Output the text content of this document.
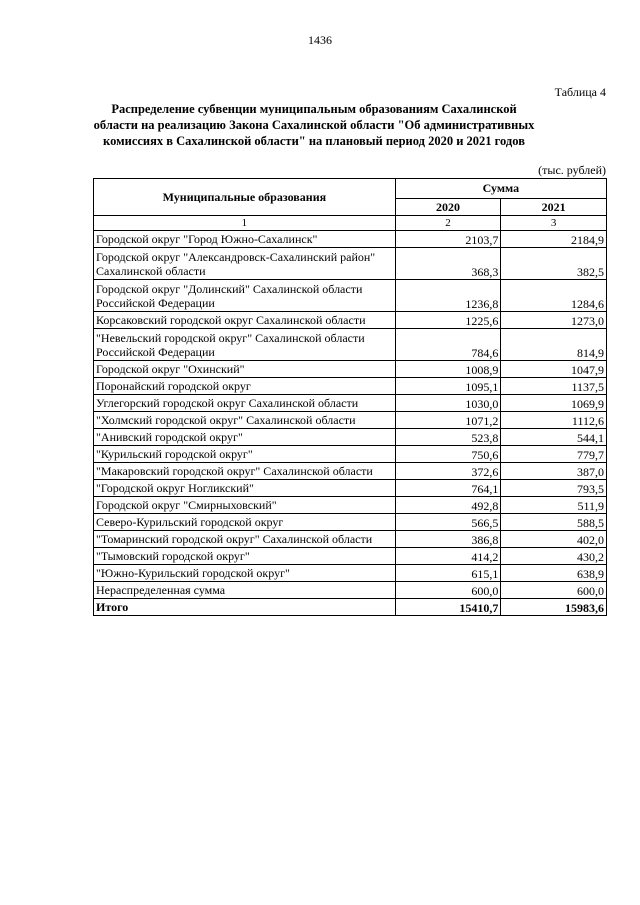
1436
Таблица 4
Распределение субвенции муниципальным образованиям Сахалинской области на реализацию Закона Сахалинской области "Об административных комиссиях в Сахалинской области" на плановый период 2020 и 2021 годов
(тыс. рублей)
Муниципальные образования	Сумма	
	2020	2021
1	2	3
Городской округ "Город Южно-Сахалинск"	2103,7	2184,9
Городской округ "Александровск-Сахалинский район" Сахалинской области	368,3	382,5
Городской округ "Долинский" Сахалинской области Российской Федерации	1236,8	1284,6
Корсаковский городской округ Сахалинской области	1225,6	1273,0
"Невельский городской округ" Сахалинской области Российской Федерации	784,6	814,9
Городской округ "Охинский"	1008,9	1047,9
Поронайский городской округ	1095,1	1137,5
Углегорский городской округ Сахалинской области	1030,0	1069,9
"Холмский городской округ" Сахалинской области	1071,2	1112,6
"Анивский городской округ"	523,8	544,1
"Курильский городской округ"	750,6	779,7
"Макаровский городской округ" Сахалинской области	372,6	387,0
"Городской округ Ногликский"	764,1	793,5
Городской округ "Смирныховский"	492,8	511,9
Северо-Курильский городской округ	566,5	588,5
"Томаринский городской округ" Сахалинской области	386,8	402,0
"Тымовский городской округ"	414,2	430,2
"Южно-Курильский городской округ"	615,1	638,9
Нераспределенная сумма	600,0	600,0
Итого	15410,7	15983,6
